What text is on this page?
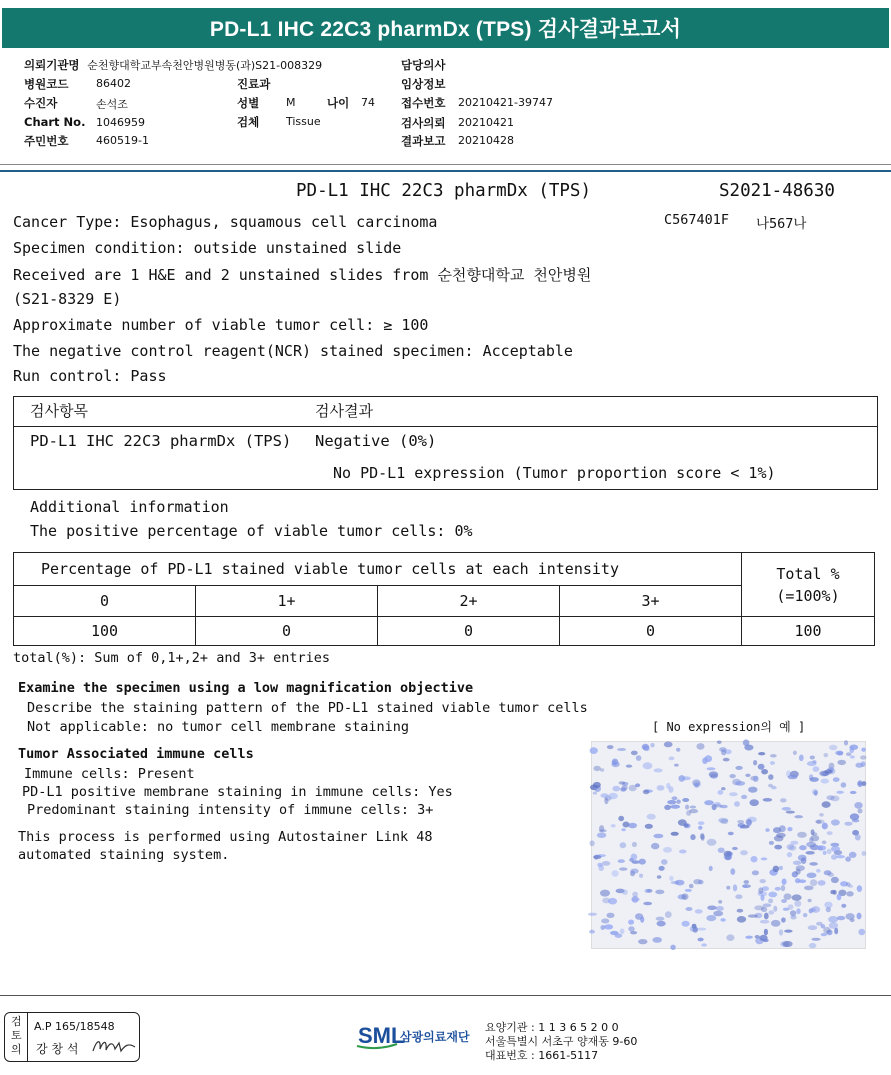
PD-L1 IHC 22C3 pharmDx (TPS) 검사결과보고서
의뢰기관명 순천향대학교부속천안병원병동(과)S21-008329
병원코드	86402
수진자	손석조
Chart No. 1046959
주민번호	460519-1
진료과
성별 M	나이 74
검체 Tissue
담당의사
임상정보
접수번호 20210421-39747
검사의뢰 20210421
결과보고 20210428
PD-L1 IHC 22C3 pharmDx (TPS)	S2021-48630
C567401F 나567나
Cancer Type: Esophagus, squamous cell carcinoma
Specimen condition: outside unstained slide
Received are 1 H&E and 2 unstained slides from 순천향대학교 천안병원
(S21-8329 E)
Approximate number of viable tumor cell: ≥ 100
The negative control reagent(NCR) stained specimen: Acceptable
Run control: Pass
검사항목	검사결과
PD-L1 IHC 22C3 pharmDx (TPS) Negative (0%)
No PD-L1 expression (Tumor proportion score < 1%)
Additional information
The positive percentage of viable tumor cells: 0%
Percentage of PD-L1 stained viable tumor cells at each intensity				Total %
(=100%)

0	1+	2+	3+	
100	0	0	0	100
total(%): Sum of 0,1+,2+ and 3+ entries
Examine the specimen using a low magnification objective
Describe the staining pattern of the PD-L1 stained viable tumor cells
Not applicable: no tumor cell membrane staining	[ No expression의 예 ]
Tumor Associated immune cells
Immune cells: Present
PD-L1 positive membrane staining in immune cells: Yes
Predominant staining intensity of immune cells: 3+
This process is performed using Autostainer Link 48
automated staining system.
검토의
A.P 165/18548
강 창 석
SML
삼광의료재단
요양기관 : 1 1 3 6 5 2 0 0
서울특별시 서초구 양재동 9-60
대표번호 : 1661-5117
